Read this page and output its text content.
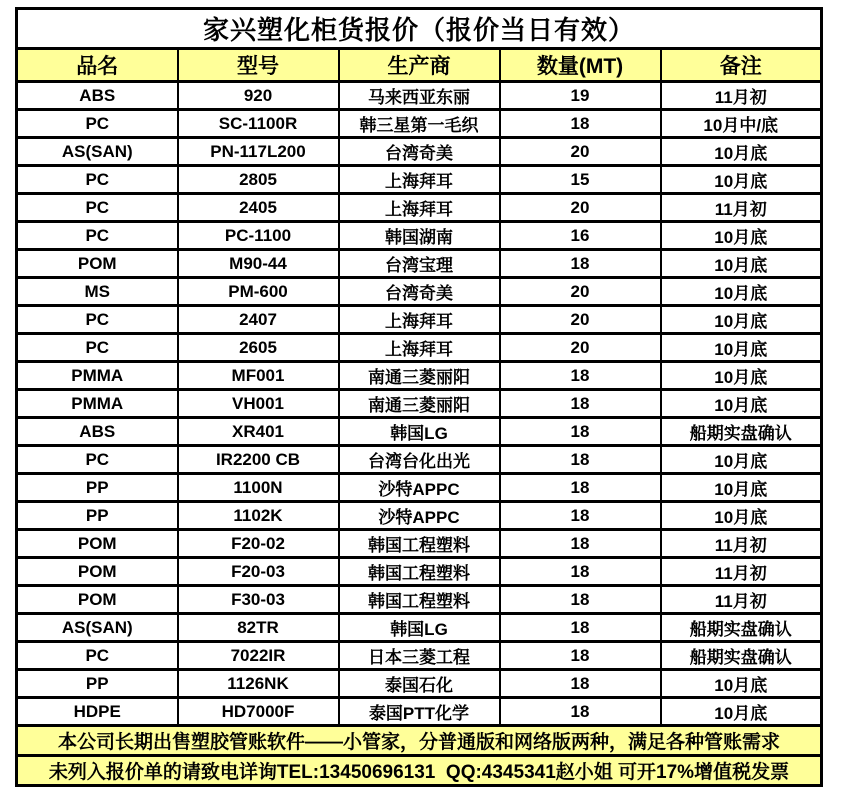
家兴塑化柜货报价（报价当日有效）				
品名	型号	生产商	数量(MT)	备注
ABS	920	马来西亚东丽	19	11月初
PC	SC-1100R	韩三星第一毛织	18	10月中/底
AS(SAN)	PN-117L200	台湾奇美	20	10月底
PC	2805	上海拜耳	15	10月底
PC	2405	上海拜耳	20	11月初
PC	PC-1100	韩国湖南	16	10月底
POM	M90-44	台湾宝理	18	10月底
MS	PM-600	台湾奇美	20	10月底
PC	2407	上海拜耳	20	10月底
PC	2605	上海拜耳	20	10月底
PMMA	MF001	南通三菱丽阳	18	10月底
PMMA	VH001	南通三菱丽阳	18	10月底
ABS	XR401	韩国LG	18	船期实盘确认
PC	IR2200 CB	台湾台化出光	18	10月底
PP	1100N	沙特APPC	18	10月底
PP	1102K	沙特APPC	18	10月底
POM	F20-02	韩国工程塑料	18	11月初
POM	F20-03	韩国工程塑料	18	11月初
POM	F30-03	韩国工程塑料	18	11月初
AS(SAN)	82TR	韩国LG	18	船期实盘确认
PC	7022IR	日本三菱工程	18	船期实盘确认
PP	1126NK	泰国石化	18	10月底
HDPE	HD7000F	泰国PTT化学	18	10月底
本公司长期出售塑胶管账软件——小管家，分普通版和网络版两种，满足各种管账需求				
未列入报价单的请致电详询TEL:13450696131  QQ:4345341赵小姐 可开17%增值税发票				
